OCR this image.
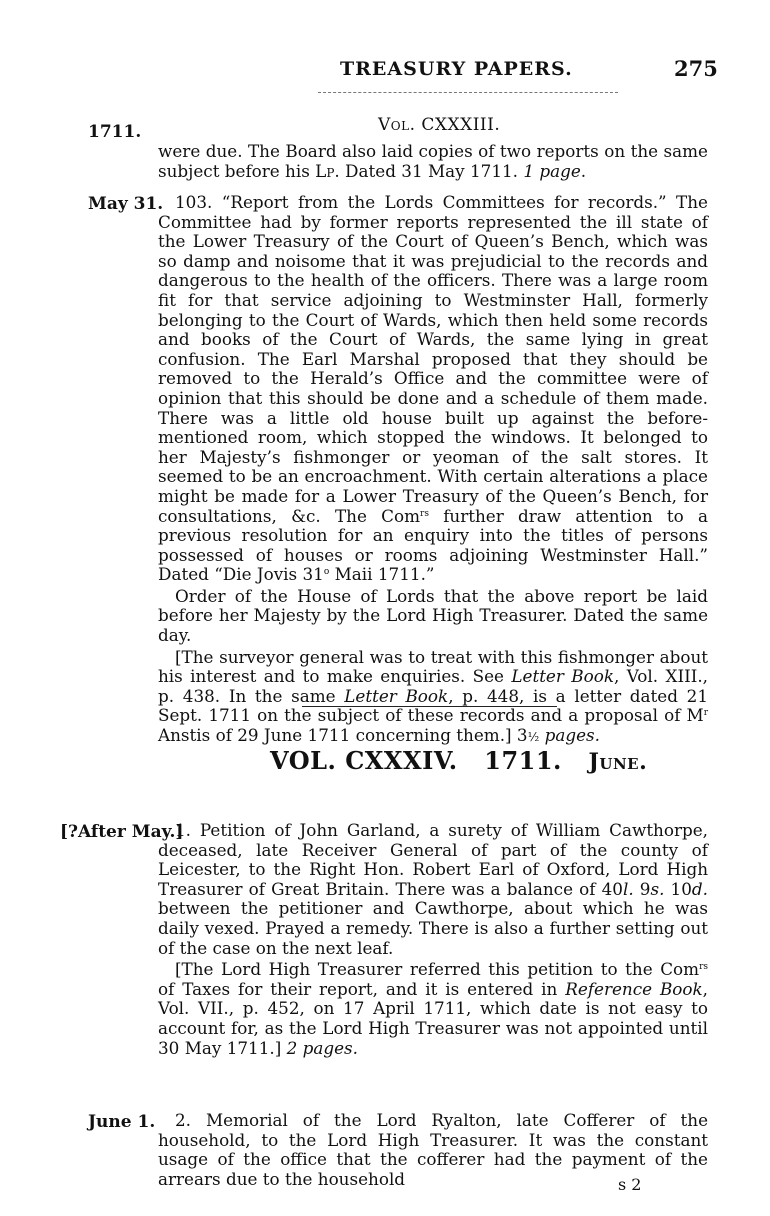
TREASURY PAPERS.	275
Vol. CXXXIII.
1711.

were due. The Board also laid copies of two reports on the same subject before his Lp. Dated 31 May 1711. 1 page.

May 31. 103. “Report from the Lords Committees for records.” The Committee had by former reports represented the ill state of the Lower Treasury of the Court of Queen’s Bench, which was so damp and noisome that it was prejudicial to the records and dangerous to the health of the officers. There was a large room fit for that service adjoining to Westminster Hall, formerly belonging to the Court of Wards, which then held some records and books of the Court of Wards, the same lying in great confusion. The Earl Marshal proposed that they should be removed to the Herald’s Office and the committee were of opinion that this should be done and a schedule of them made. There was a little old house built up against the before-mentioned room, which stopped the windows. It belonged to her Majesty’s fishmonger or yeoman of the salt stores. It seemed to be an encroachment. With certain alterations a place might be made for a Lower Treasury of the Queen’s Bench, for consultations, &c. The Com$^{rs}$ further draw attention to a previous resolution for an enquiry into the titles of persons possessed of houses or rooms adjoining Westminster Hall.” Dated “Die Jovis 31$^o$ Maii 1711.”

Order of the House of Lords that the above report be laid before her Majesty by the Lord High Treasurer. Dated the same day.

[The surveyor general was to treat with this fishmonger about his interest and to make enquiries. See Letter Book, Vol. XIII., p. 438. In the same Letter Book, p. 448, is a letter dated 21 Sept. 1711 on the subject of these records and a proposal of $M^r$ Anstis of 29 June 1711 concerning them.] 3½ pages.

VOL. CXXXIV. 1711. June.
[?After May.]

1. Petition of John Garland, a surety of William Cawthorpe, deceased, late Receiver General of part of the county of Leicester, to the Right Hon. Robert Earl of Oxford, Lord High Treasurer of Great Britain. There was a balance of 40l. 9s. 10d. between the petitioner and Cawthorpe, about which he was daily vexed. Prayed a remedy. There is also a further setting out of the case on the next leaf.

[The Lord High Treasurer referred this petition to the Com$^{rs}$ of Taxes for their report, and it is entered in Reference Book, Vol. VII., p. 452, on 17 April 1711, which date is not easy to account for, as the Lord High Treasurer was not appointed until 30 May 1711.] 2 pages.

June 1.	2. Memorial of the Lord Ryalton, late Cofferer of the household, to the Lord High Treasurer. It was the constant usage of the office that the cofferer had the payment of the arrears due to the household	s 2
